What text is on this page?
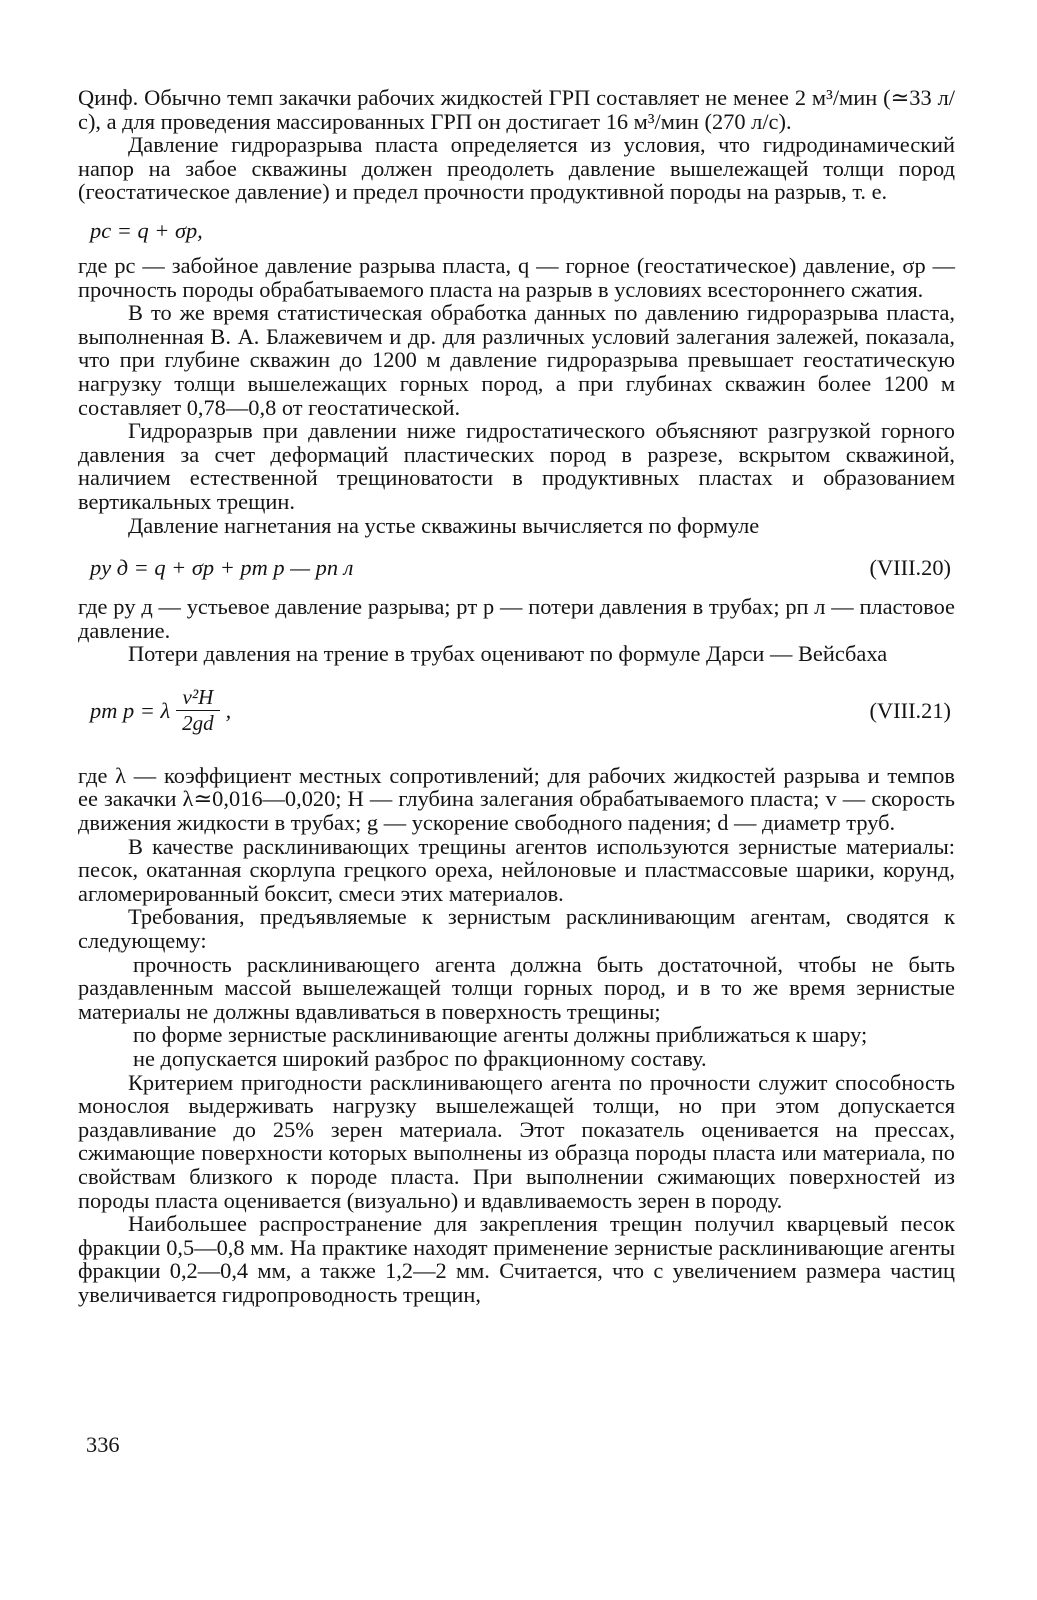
Qинф. Обычно темп закачки рабочих жидкостей ГРП составляет не менее 2 м³/мин (≃33 л/с), а для проведения массированных ГРП он достигает 16 м³/мин (270 л/с).

Давление гидроразрыва пласта определяется из условия, что гидродинамический напор на забое скважины должен преодолеть давление вышележащей толщи пород (геостатическое давление) и предел прочности продуктивной породы на разрыв, т. е.

pс = q + σр,

где pс — забойное давление разрыва пласта, q — горное (геостатическое) давление, σр — прочность породы обрабатываемого пласта на разрыв в условиях всестороннего сжатия.

В то же время статистическая обработка данных по давлению гидроразрыва пласта, выполненная В. А. Блажевичем и др. для различных условий залегания залежей, показала, что при глубине скважин до 1200 м давление гидроразрыва превышает геостатическую нагрузку толщи вышележащих горных пород, а при глубинах скважин более 1200 м составляет 0,78—0,8 от геостатической.

Гидроразрыв при давлении ниже гидростатического объясняют разгрузкой горного давления за счет деформаций пластических пород в разрезе, вскрытом скважиной, наличием естественной трещиноватости в продуктивных пластах и образованием вертикальных трещин.

Давление нагнетания на устье скважины вычисляется по формуле

pу д = q + σр + pт р — pп л	(VIII.20)

где pу д — устьевое давление разрыва; pт р — потери давления в трубах; pп л — пластовое давление.

Потери давления на трение в трубах оценивают по формуле Дарси — Вейсбаха

pт р = λ $\frac{\text{v²H}}{2gd}$ ,	(VIII.21)

где λ — коэффициент местных сопротивлений; для рабочих жидкостей разрыва и темпов ее закачки λ≃0,016—0,020; H — глубина залегания обрабатываемого пласта; v — скорость движения жидкости в трубах; g — ускорение свободного падения; d — диаметр труб.

В качестве расклинивающих трещины агентов используются зернистые материалы: песок, окатанная скорлупа грецкого ореха, нейлоновые и пластмассовые шарики, корунд, агломерированный боксит, смеси этих материалов.

Требования, предъявляемые к зернистым расклинивающим агентам, сводятся к следующему:

прочность расклинивающего агента должна быть достаточной, чтобы не быть раздавленным массой вышележащей толщи горных пород, и в то же время зернистые материалы не должны вдавливаться в поверхность трещины;

по форме зернистые расклинивающие агенты должны приближаться к шару;

не допускается широкий разброс по фракционному составу.

Критерием пригодности расклинивающего агента по прочности служит способность монослоя выдерживать нагрузку вышележащей толщи, но при этом допускается раздавливание до 25% зерен материала. Этот показатель оценивается на прессах, сжимающие поверхности которых выполнены из образца породы пласта или материала, по свойствам близкого к породе пласта. При выполнении сжимающих поверхностей из породы пласта оценивается (визуально) и вдавливаемость зерен в породу.

Наибольшее распространение для закрепления трещин получил кварцевый песок фракции 0,5—0,8 мм. На практике находят применение зернистые расклинивающие агенты фракции 0,2—0,4 мм, а также 1,2—2 мм. Считается, что с увеличением размера частиц увеличивается гидропроводность трещин,

336
